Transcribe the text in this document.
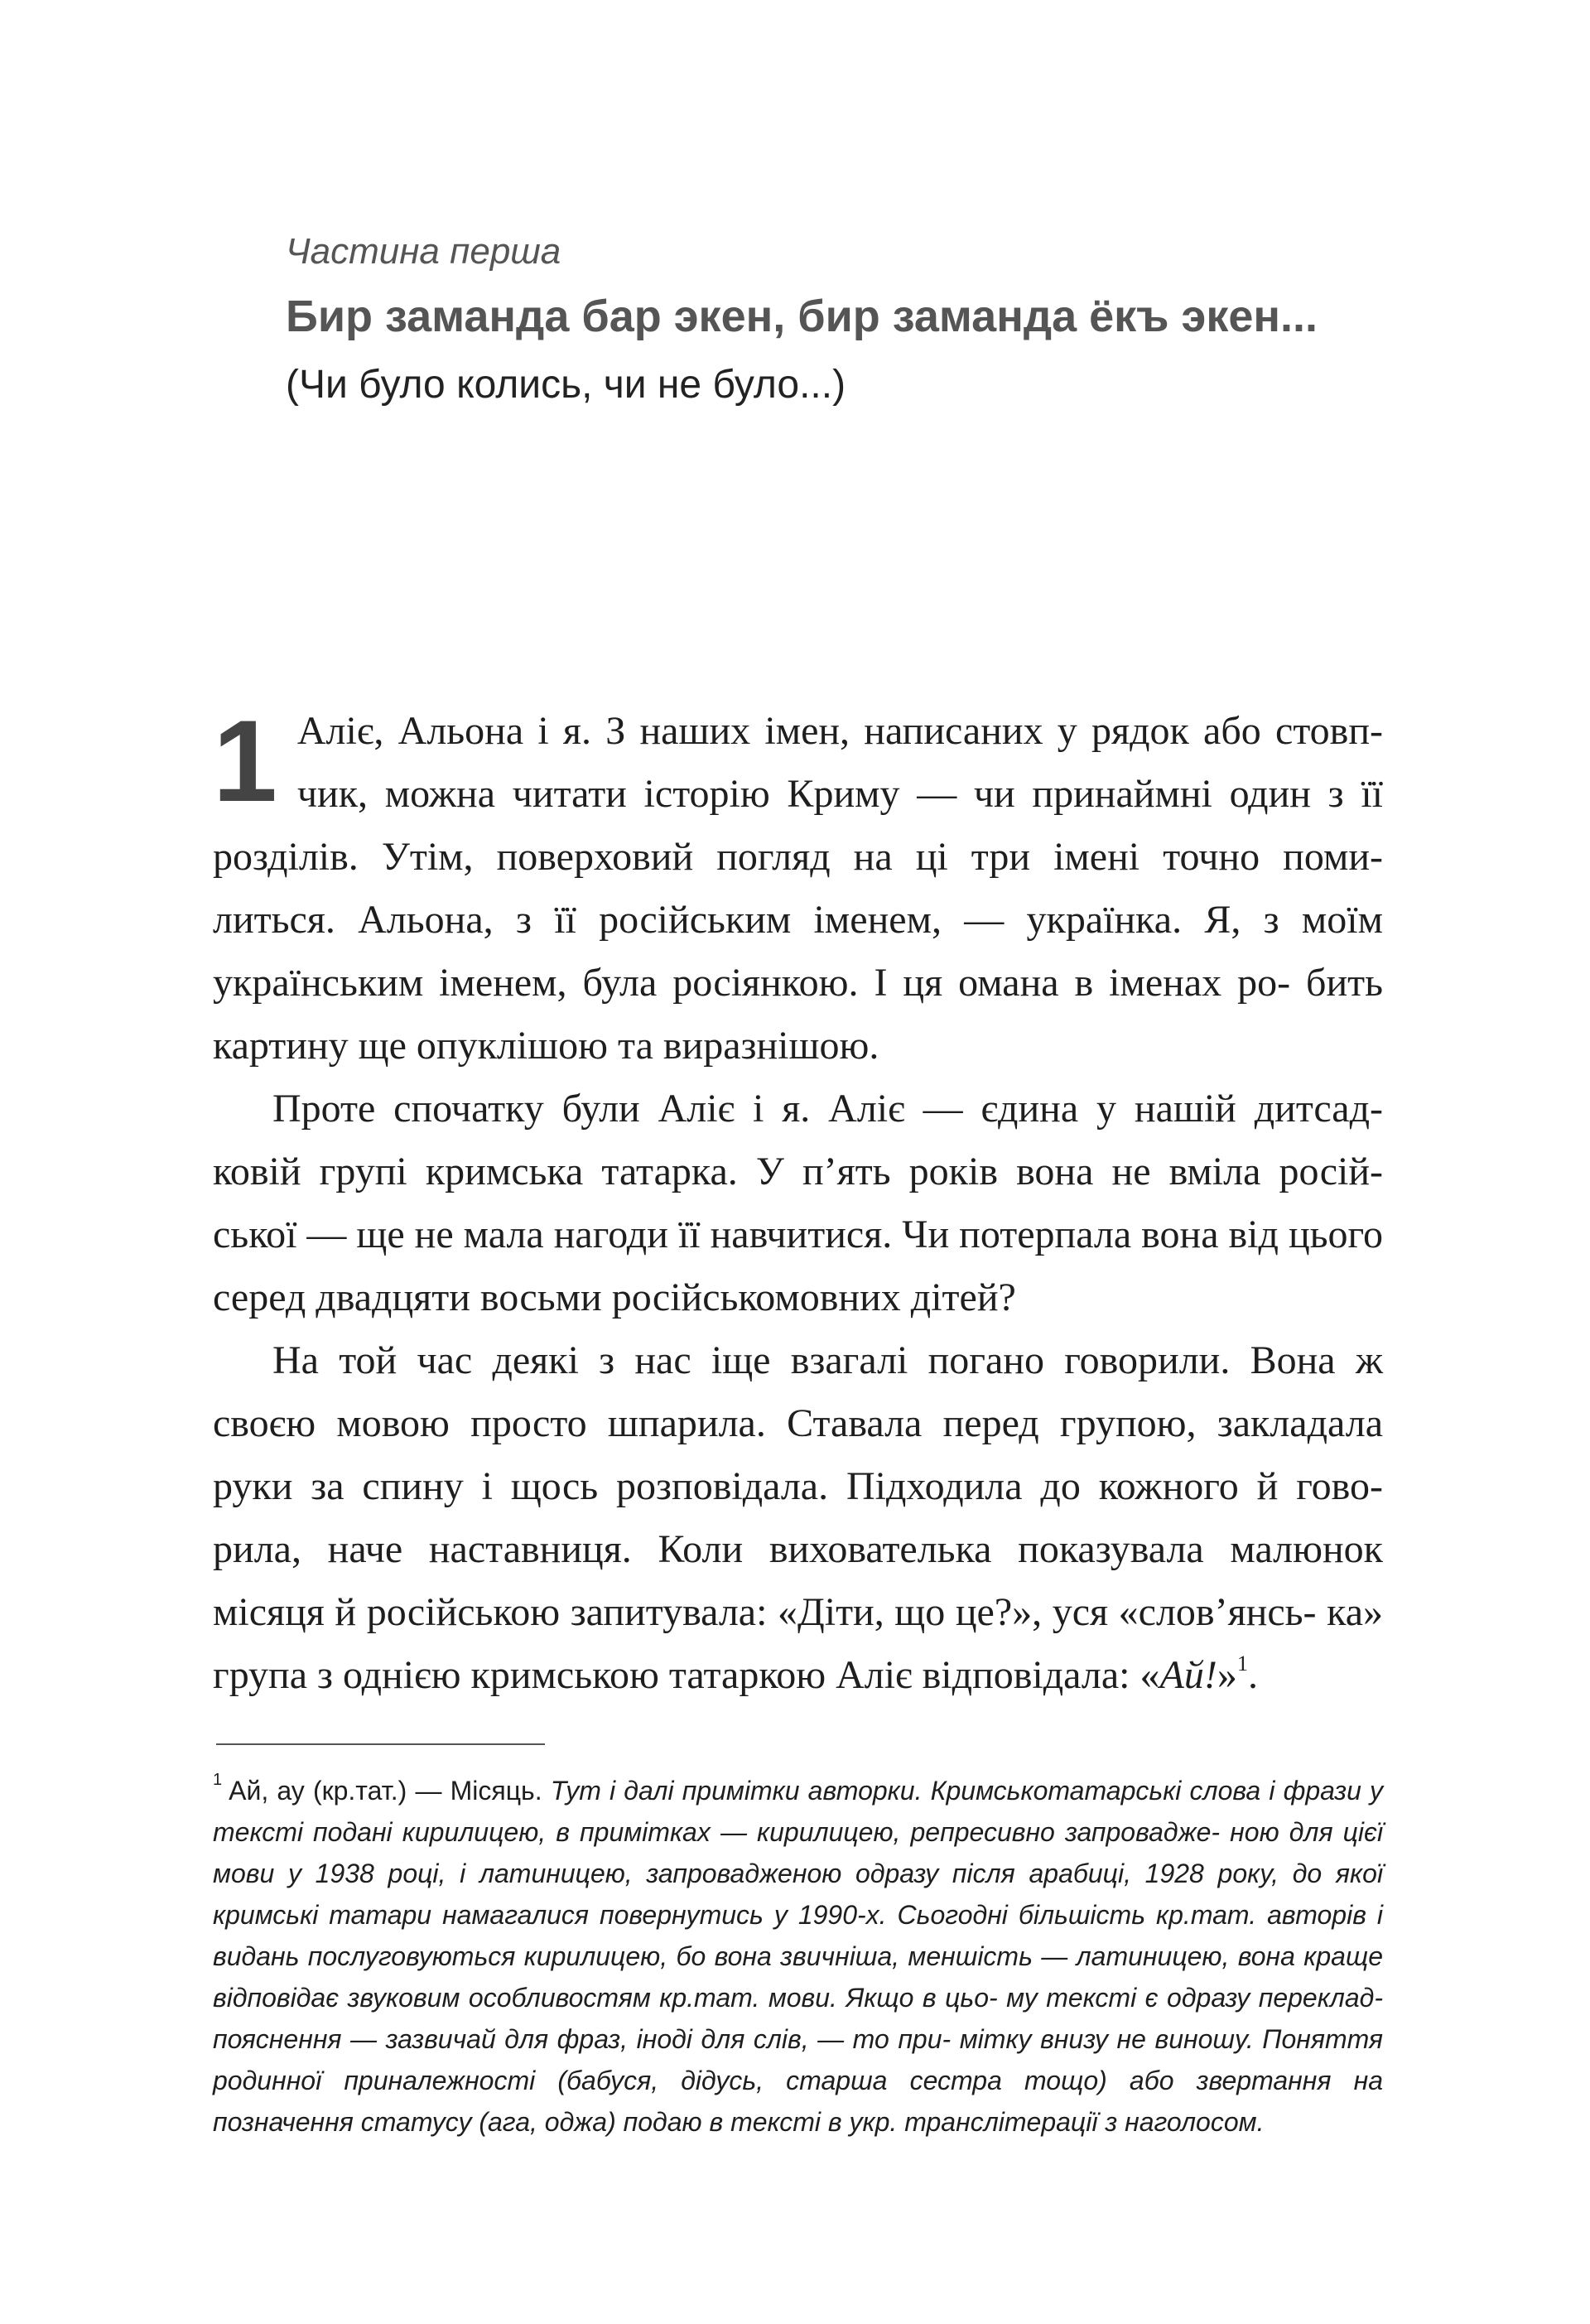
Частина перша
Бир заманда бар экен, бир заманда ёкъ экен...
(Чи було колись, чи не було...)

1 Аліє, Альона і я. З наших імен, написаних у рядок або стовп- чик, можна читати історію Криму — чи принаймні один з її розділів. Утім, поверховий погляд на ці три імені точно поми- литься. Альона, з її російським іменем, — українка. Я, з моїм українським іменем, була росіянкою. І ця омана в іменах ро- бить картину ще опуклішою та виразнішою.

Проте спочатку були Аліє і я. Аліє — єдина у нашій дитсад- ковій групі кримська татарка. У п’ять років вона не вміла росій- ської — ще не мала нагоди її навчитися. Чи потерпала вона від цього серед двадцяти восьми російськомовних дітей?

На той час деякі з нас іще взагалі погано говорили. Вона ж своєю мовою просто шпарила. Ставала перед групою, закладала руки за спину і щось розповідала. Підходила до кожного й гово- рила, наче наставниця. Коли вихователька показувала малюнок місяця й російською запитувала: «Діти, що це?», уся «слов’янсь- ка» група з однією кримською татаркою Аліє відповідала: «Ай!»$^1$.

$^1$ Ай, ау (кр.тат.) — Місяць. Тут і далі примітки авторки. Кримськотатарські слова і фрази у тексті подані кирилицею, в примітках — кирилицею, репресивно запроваджe- ною для цієї мови у 1938 році, і латиницею, запровадженою одразу після арабиці, 1928 року, до якої кримські татари намагалися повернутись у 1990-х. Сьогодні більшість кр.тат. авторів і видань послуговуються кирилицею, бо вона звичніша, меншість — латиницею, вона краще відповідає звуковим особливостям кр.тат. мови. Якщо в цьо- му тексті є одразу переклад-пояснення — зазвичай для фраз, іноді для слів, — то при- мітку внизу не виношу. Поняття родинної приналежності (бабуся, дідусь, старша сестра тощо) або звертання на позначення статусу (ага, оджа) подаю в тексті в укр. транслітерації з наголосом.
